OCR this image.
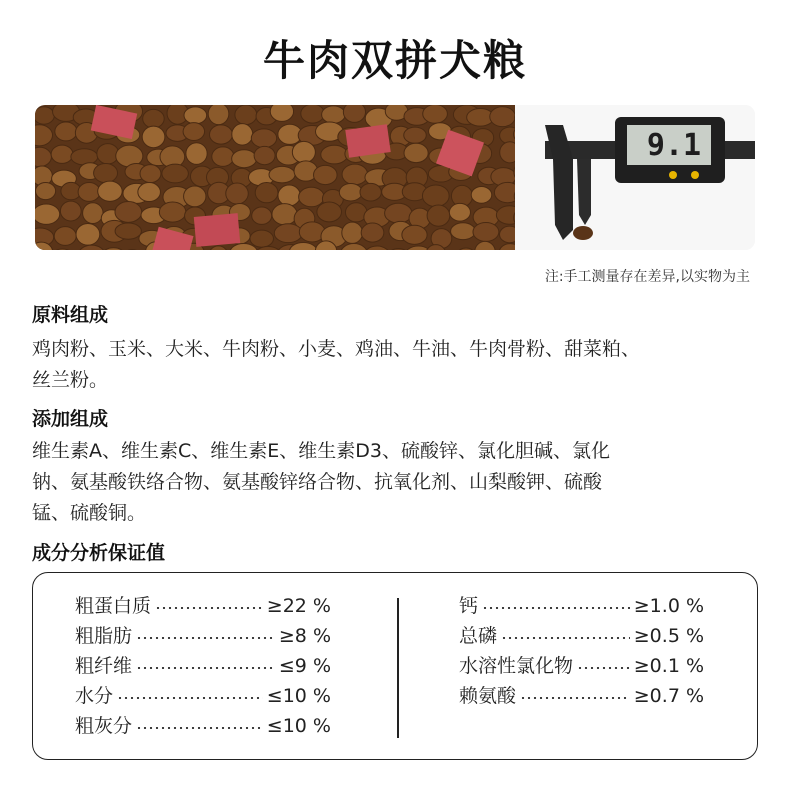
牛肉双拼犬粮
9.1
注:手工测量存在差异,以实物为主
原料组成
鸡肉粉、玉米、大米、牛肉粉、小麦、鸡油、牛油、牛肉骨粉、甜菜粕、
丝兰粉。
添加组成
维生素A、维生素C、维生素E、维生素D3、硫酸锌、氯化胆碱、氯化
钠、氨基酸铁络合物、氨基酸锌络合物、抗氧化剂、山梨酸钾、硫酸
锰、硫酸铜。
成分分析保证值
粗蛋白质	≥22 %
粗脂肪	≥8 %
粗纤维	≤9 %
水分	≤10 %
粗灰分	≤10 %
钙	≥1.0 %
总磷	≥0.5 %
水溶性氯化物	≥0.1 %
赖氨酸	≥0.7 %
